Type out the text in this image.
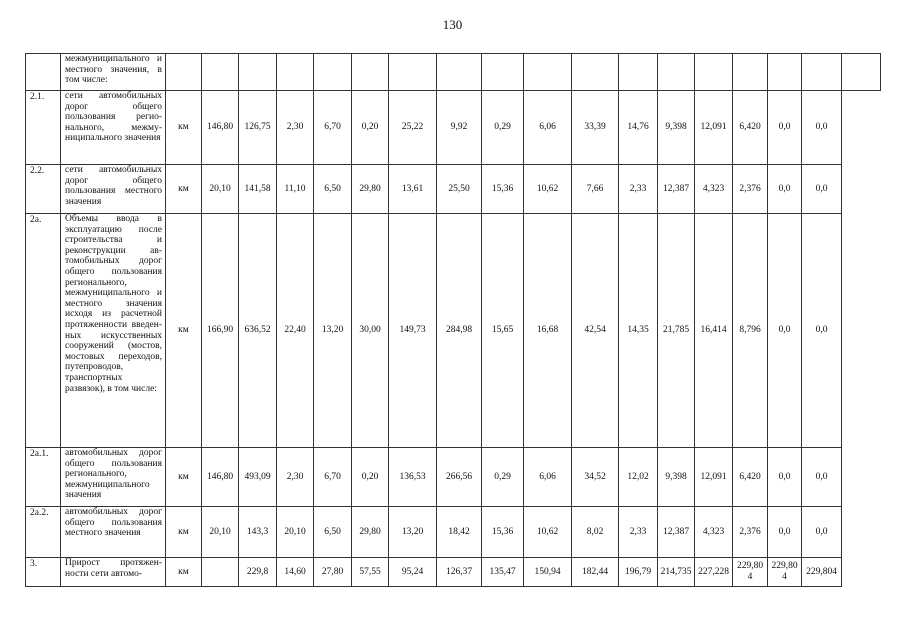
130
	межмуниципального и местного значения, в том числе:																		
2.1.	сети автомобильных дорог общего пользования регионального, межмуниципального значения	км	146,80	126,75	2,30	6,70	0,20	25,22	9,92	0,29	6,06	33,39	14,76	9,398	12,091	6,420	0,0	0,0	
2.2.	сети автомобильных дорог общего пользования местного значения	км	20,10	141,58	11,10	6,50	29,80	13,61	25,50	15,36	10,62	7,66	2,33	12,387	4,323	2,376	0,0	0,0	
2а.	Объемы ввода в эксплуатацию после строительства и реконструкции автомобильных дорог общего пользования регионального, межмуниципального и местного значения исходя из расчетной протяженности введенных искусственных сооружений (мостов, мостовых переходов, путепроводов, транспортных развязок), в том числе:	км	166,90	636,52	22,40	13,20	30,00	149,73	284,98	15,65	16,68	42,54	14,35	21,785	16,414	8,796	0,0	0,0	
2а.1.	автомобильных дорог общего пользования регионального, межмуниципального значения	км	146,80	493,09	2,30	6,70	0,20	136,53	266,56	0,29	6,06	34,52	12,02	9,398	12,091	6,420	0,0	0,0	
2а.2.	автомобильных дорог общего пользования местного значения	км	20,10	143,3	20,10	6,50	29,80	13,20	18,42	15,36	10,62	8,02	2,33	12,387	4,323	2,376	0,0	0,0	
3.	Прирост протяженности сети автомо-	км		229,8	14,60	27,80	57,55	95,24	126,37	135,47	150,94	182,44	196,79	214,735	227,228	229,804	229,804	229,804	
